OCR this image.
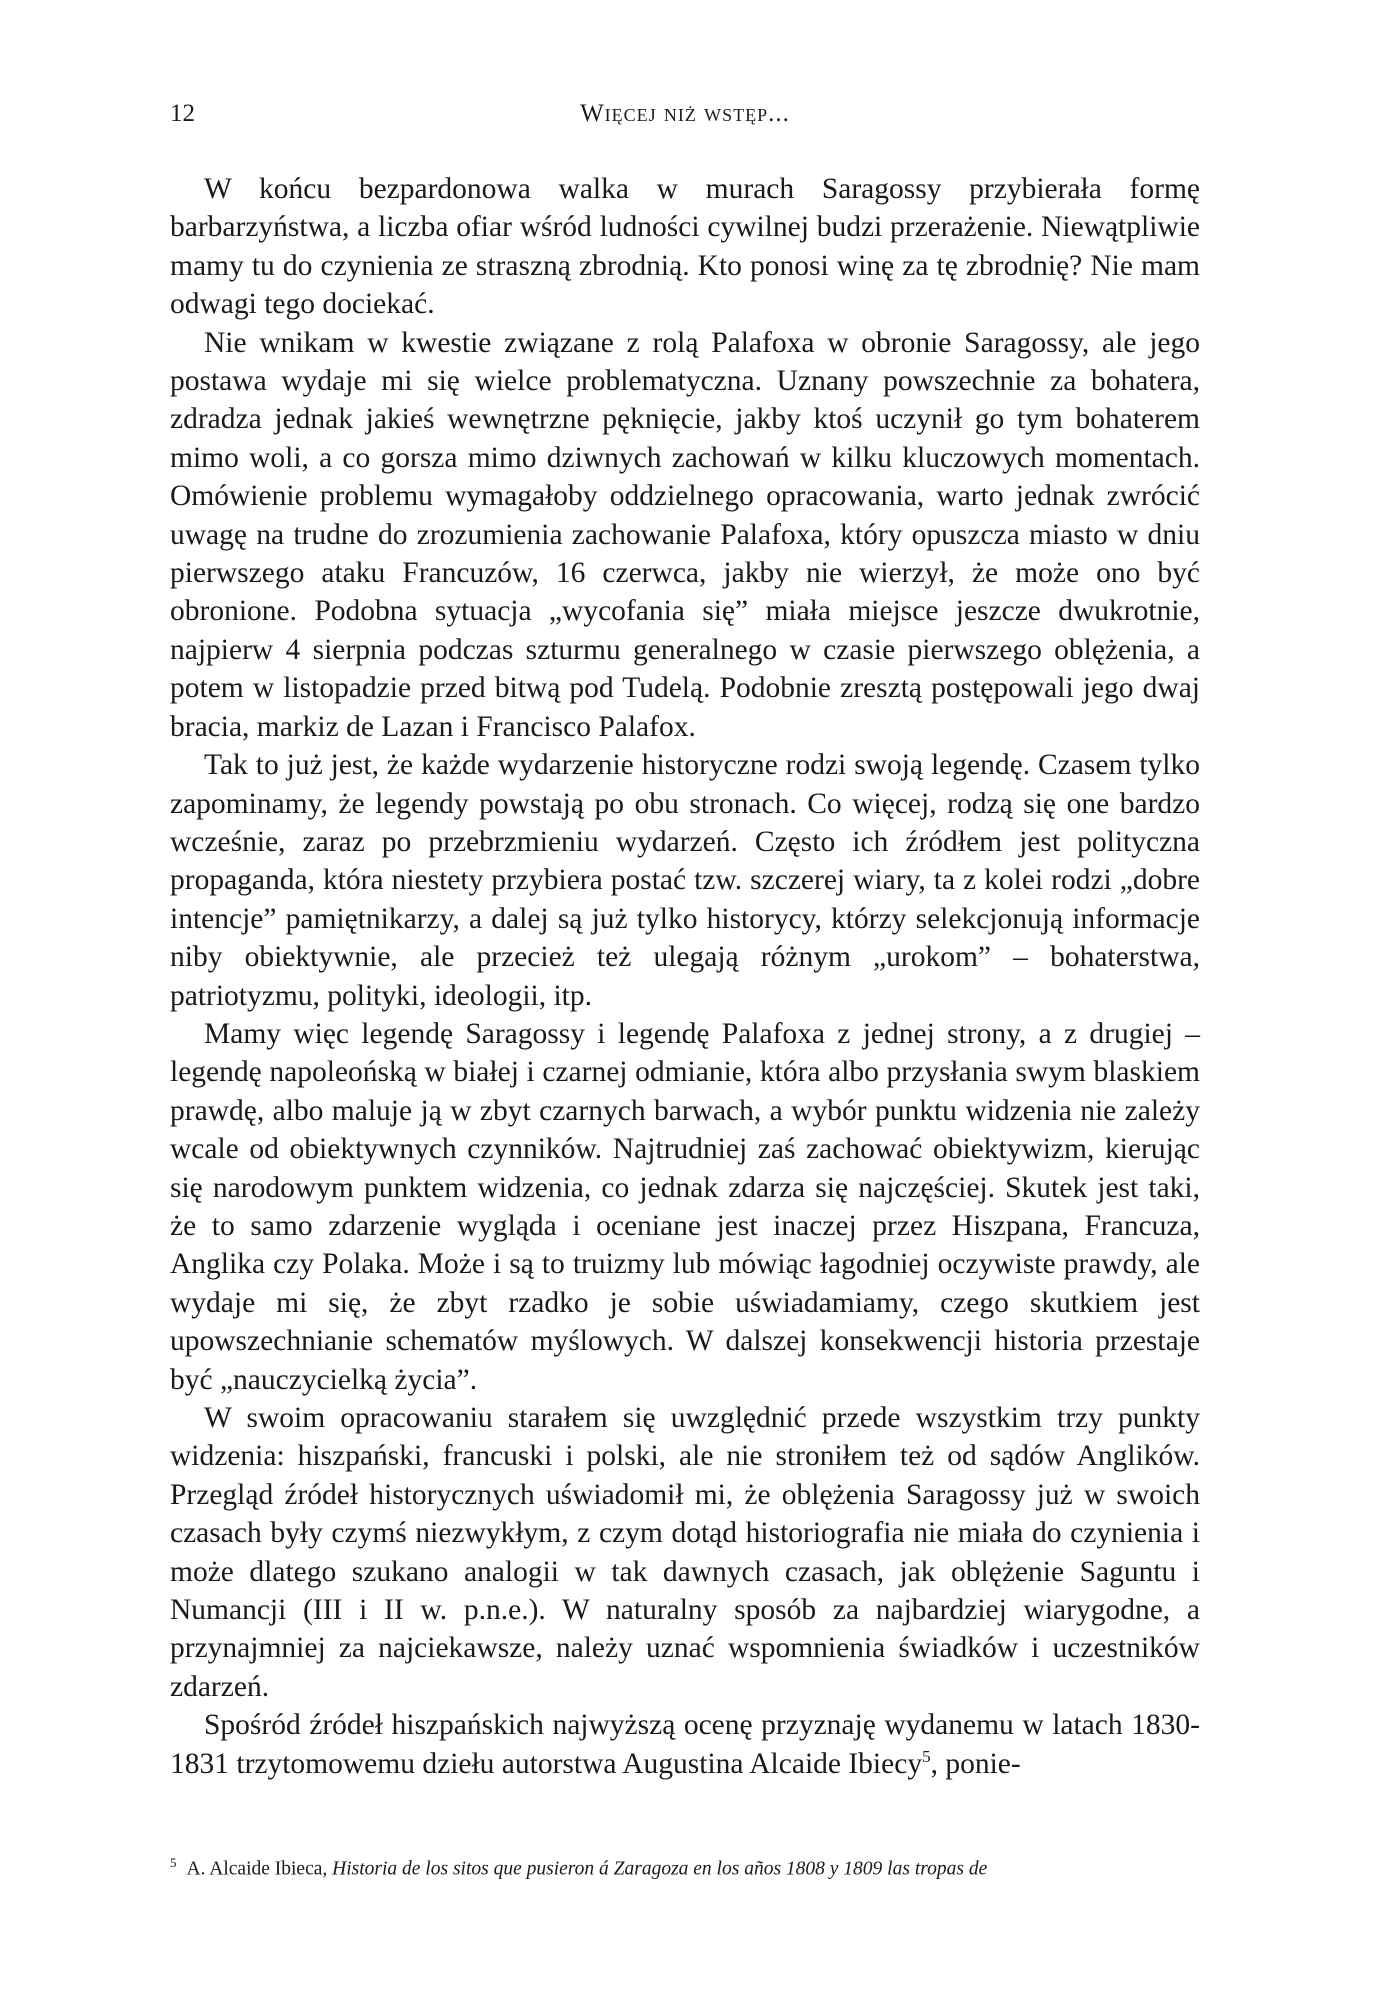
12	Więcej niż wstęp...

W końcu bezpardonowa walka w murach Saragossy przybierała formę barbarzyństwa, a liczba ofiar wśród ludności cywilnej budzi przerażenie. Niewątpliwie mamy tu do czynienia ze straszną zbrodnią. Kto ponosi winę za tę zbrodnię? Nie mam odwagi tego dociekać.

Nie wnikam w kwestie związane z rolą Palafoxa w obronie Saragossy, ale jego postawa wydaje mi się wielce problematyczna. Uznany powszechnie za bohatera, zdradza jednak jakieś wewnętrzne pęknięcie, jakby ktoś uczynił go tym bohaterem mimo woli, a co gorsza mimo dziwnych zachowań w kilku kluczowych momentach. Omówienie problemu wymagałoby oddzielnego opracowania, warto jednak zwrócić uwagę na trudne do zrozumienia zachowanie Palafoxa, który opuszcza miasto w dniu pierwszego ataku Francuzów, 16 czerwca, jakby nie wierzył, że może ono być obronione. Podobna sytuacja „wycofania się” miała miejsce jeszcze dwukrotnie, najpierw 4 sierpnia podczas szturmu generalnego w czasie pierwszego oblężenia, a potem w listopadzie przed bitwą pod Tudelą. Podobnie zresztą postępowali jego dwaj bracia, markiz de Lazan i Francisco Palafox.

Tak to już jest, że każde wydarzenie historyczne rodzi swoją legendę. Czasem tylko zapominamy, że legendy powstają po obu stronach. Co więcej, rodzą się one bardzo wcześnie, zaraz po przebrzmieniu wydarzeń. Często ich źródłem jest polityczna propaganda, która niestety przybiera postać tzw. szczerej wiary, ta z kolei rodzi „dobre intencje” pamiętnikarzy, a dalej są już tylko historycy, którzy selekcjonują informacje niby obiektywnie, ale przecież też ulegają różnym „urokom” – bohaterstwa, patriotyzmu, polityki, ideologii, itp.

Mamy więc legendę Saragossy i legendę Palafoxa z jednej strony, a z drugiej – legendę napoleońską w białej i czarnej odmianie, która albo przysłania swym blaskiem prawdę, albo maluje ją w zbyt czarnych barwach, a wybór punktu widzenia nie zależy wcale od obiektywnych czynników. Najtrudniej zaś zachować obiektywizm, kierując się narodowym punktem widzenia, co jednak zdarza się najczęściej. Skutek jest taki, że to samo zdarzenie wygląda i oceniane jest inaczej przez Hiszpana, Francuza, Anglika czy Polaka. Może i są to truizmy lub mówiąc łagodniej oczywiste prawdy, ale wydaje mi się, że zbyt rzadko je sobie uświadamiamy, czego skutkiem jest upowszechnianie schematów myślowych. W dalszej konsekwencji historia przestaje być „nauczycielką życia”.

W swoim opracowaniu starałem się uwzględnić przede wszystkim trzy punkty widzenia: hiszpański, francuski i polski, ale nie stroniłem też od sądów Anglików. Przegląd źródeł historycznych uświadomił mi, że oblężenia Saragossy już w swoich czasach były czymś niezwykłym, z czym dotąd historiografia nie miała do czynienia i może dlatego szukano analogii w tak dawnych czasach, jak oblężenie Saguntu i Numancji (III i II w. p.n.e.). W naturalny sposób za najbardziej wiarygodne, a przynajmniej za najciekawsze, należy uznać wspomnienia świadków i uczestników zdarzeń.

Spośród źródeł hiszpańskich najwyższą ocenę przyznaję wydanemu w latach 1830-1831 trzytomowemu dziełu autorstwa Augustina Alcaide Ibiecy$^5$, ponie-

$^5$ A. Alcaide Ibieca, Historia de los sitos que pusieron á Zaragoza en los años 1808 y 1809 las tropas de
